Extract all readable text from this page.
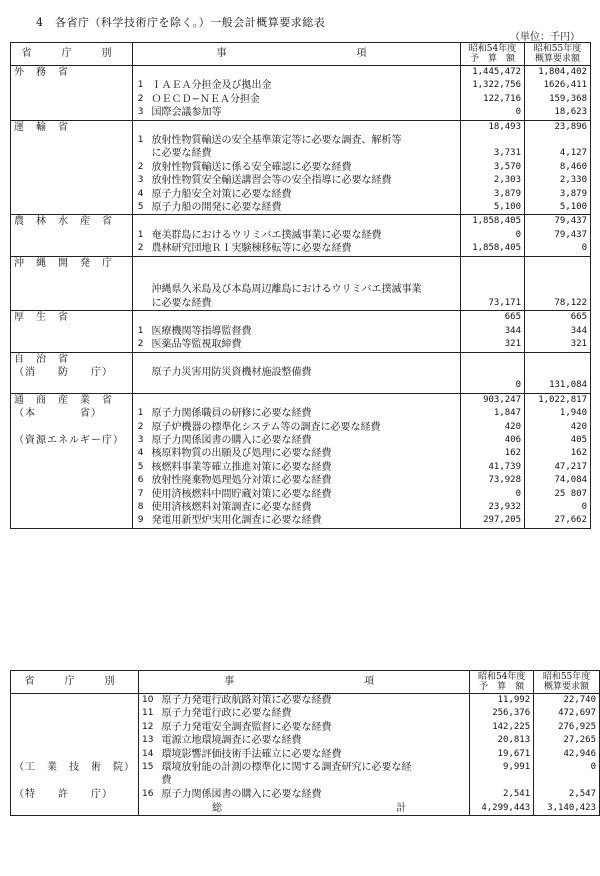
4　各省庁（科学技術庁を除く。）一般会計概算要求総表
（単位：千円）
省　庁　別	事　　　　　　項		昭和54年度
予　算　額	昭和55年度
概算要求額
外　務　省			1,445,472	1,804,402
	1	ＩＡＥＡ分担金及び拠出金	1,322,756	1626,411
	2	ＯＥＣＤ−ＮＥＡ分担金	122,716	159,368
	3	国際会議参加等	0	18,623
運　輸　省			18,493	23,896
	1	放射性物質輸送の安全基準策定等に必要な調査、解析等		
		に必要な経費	3,731	4,127
	2	放射性物質輸送に係る安全確認に必要な経費	3,570	8,460
	3	放射性物質安全輸送講習会等の安全指導に必要な経費	2,303	2,330
	4	原子力船安全対策に必要な経費	3,879	3,879
	5	原子力船の開発に必要な経費	5,100	5,100
農　林　水　産　省			1,858,405	79,437
	1	奄美群島におけるウリミバエ撲滅事業に必要な経費	0	79,437
	2	農林研究団地ＲＩ実験棟移転等に必要な経費	1,858,405	0
沖　縄　開　発　庁				

		沖縄県久米島及び本島周辺離島におけるウリミバエ撲滅事業		
		に必要な経費	73,171	78,122
厚　生　省			665	665
	1	医療機関等指導監督費	344	344
	2	医薬品等監視取締費	321	321
自　治　省				
（消　　防　　庁）		原子力災害用防災資機材施設整備費		
			0	131,084
通　商　産　業　省			903,247	1,022,817
（本　　　　省）	1	原子力関係職員の研修に必要な経費	1,847	1,940
	2	原子炉機器の標準化システム等の調査に必要な経費	420	420
（資源エネルギー庁）	3	原子力関係図書の購入に必要な経費	406	405
	4	核原料物質の出願及び処理に必要な経費	162	162
	5	核燃料事業等確立推進対策に必要な経費	41,739	47,217
	6	放射性廃棄物処理処分対策に必要な経費	73,928	74,084
	7	使用済核燃料中間貯蔵対策に必要な経費	0	25 807
	8	使用済核燃料対策調査に必要な経費	23,932	0
	9	発電用新型炉実用化調査に必要な経費	297,205	27,662
省　庁　別	事　　　　　　項		昭和54年度
予　算　額	昭和55年度
概算要求額
	10	原子力発電行政航路対策に必要な経費	11,992	22,740
	11	原子力発電行政に必要な経費	256,376	472,697
	12	原子力発電安全調査監督に必要な経費	142,225	276,925
	13	電源立地環境調査に必要な経費	20,813	27,265
	14	環境影響評価技術手法確立に必要な経費	19,671	42,946
（工　業　技　術　院）	15	環境放射能の計測の標準化に関する調査研究に必要な経	9,991	0
		費		
（特　　許　　庁）	16	原子力関係図書の購入に必要な経費	2,541	2,547

	総 計		4,299,443	3,140,423
